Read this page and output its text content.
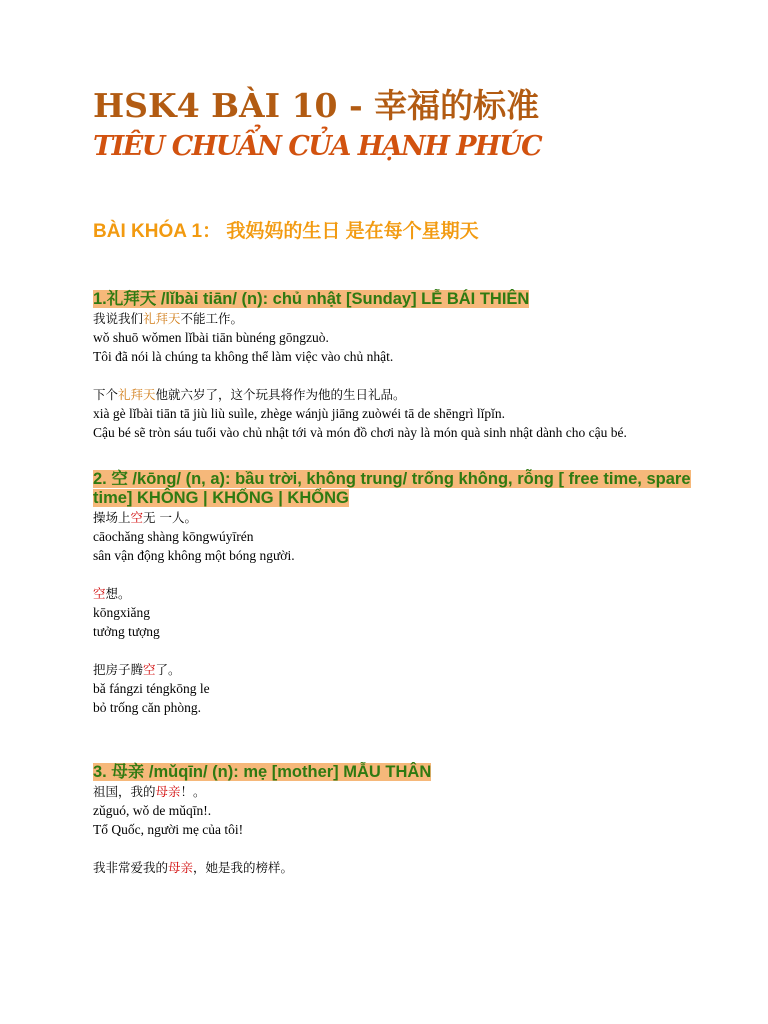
HSK4 BÀI 10 - 幸福的标准
TIÊU CHUẨN CỦA HẠNH PHÚC
BÀI KHÓA 1： 我妈妈的生日 是在每个星期天

1.礼拜天 /lǐbài tiān/ (n): chủ nhật [Sunday] LỄ BÁI THIÊN

我说我们礼拜天不能工作。

wǒ shuō wǒmen lǐbài tiān bùnéng gōngzuò.

Tôi đã nói là chúng ta không thể làm việc vào chủ nhật.

下个礼拜天他就六岁了，这个玩具将作为他的生日礼品。

xià gè lǐbài tiān tā jiù liù suìle, zhège wánjù jiāng zuòwéi tā de shēngrì lǐpǐn.

Cậu bé sẽ tròn sáu tuổi vào chủ nhật tới và món đồ chơi này là món quà sinh nhật dành cho cậu bé.

2. 空 /kōng/ (n, a): bầu trời, không trung/ trống không, rỗng [ free time, spare time] KHÔNG | KHỐNG | KHỔNG

操场上空无 一人。

cāochǎng shàng kōngwúyīrén

sân vận động không một bóng người.

空想。

kōngxiǎng

tưởng tượng

把房子腾空了。

bǎ fángzi téngkōng le

bỏ trống căn phòng.

3. 母亲 /mǔqīn/ (n): mẹ [mother] MẪU THÂN

祖国，我的母亲！。

zǔguó, wǒ de mǔqīn!.

Tổ Quốc, người mẹ của tôi!

我非常爱我的母亲，她是我的榜样。
